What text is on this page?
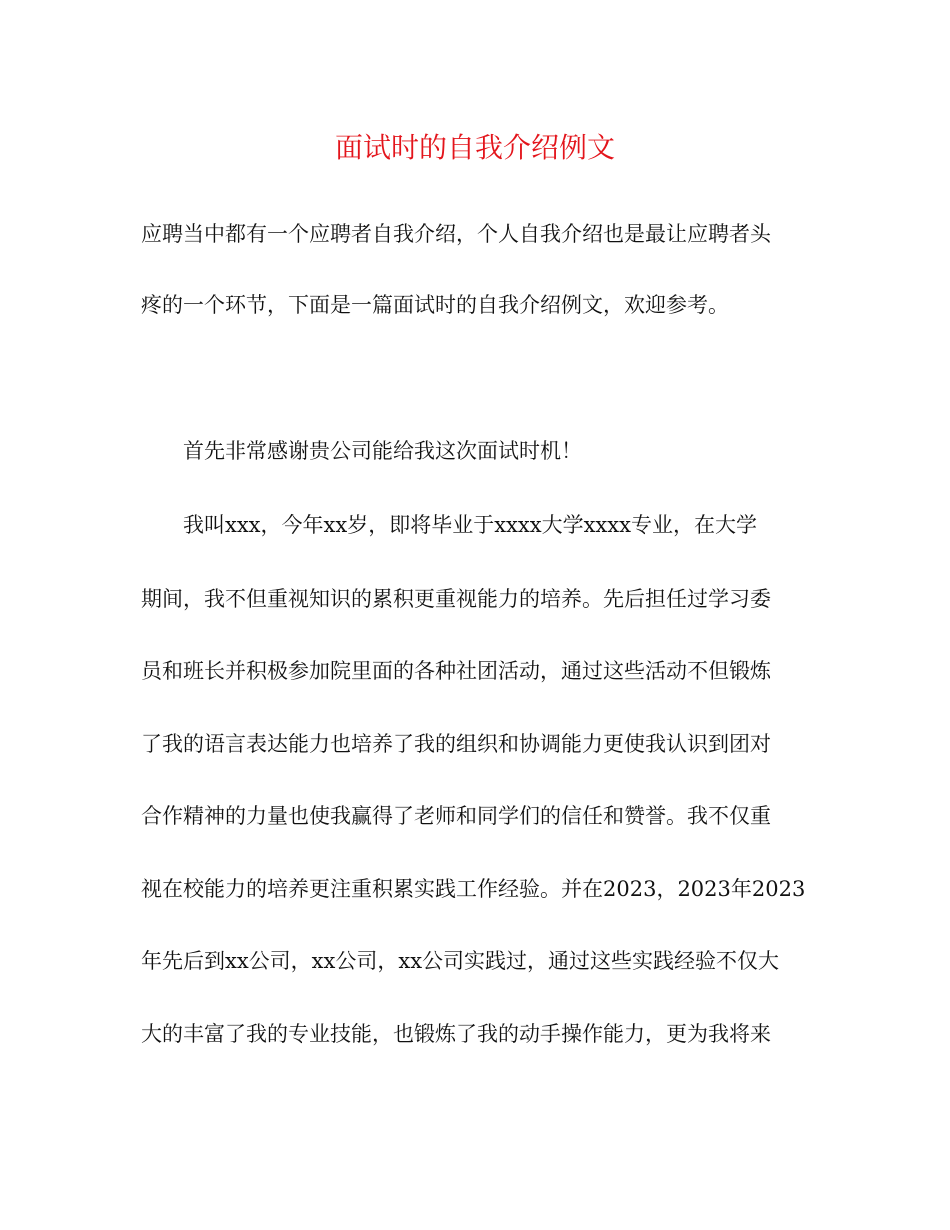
面试时的自我介绍例文
应聘当中都有一个应聘者自我介绍，个人自我介绍也是最让应聘者头
疼的一个环节，下面是一篇面试时的自我介绍例文，欢迎参考。
首先非常感谢贵公司能给我这次面试时机！
我叫xxx，今年xx岁，即将毕业于xxxx大学xxxx专业，在大学
期间，我不但重视知识的累积更重视能力的培养。先后担任过学习委
员和班长并积极参加院里面的各种社团活动，通过这些活动不但锻炼
了我的语言表达能力也培养了我的组织和协调能力更使我认识到团对
合作精神的力量也使我赢得了老师和同学们的信任和赞誉。我不仅重
视在校能力的培养更注重积累实践工作经验。并在2023，2023年2023
年先后到xx公司，xx公司，xx公司实践过，通过这些实践经验不仅大
大的丰富了我的专业技能，也锻炼了我的动手操作能力，更为我将来
